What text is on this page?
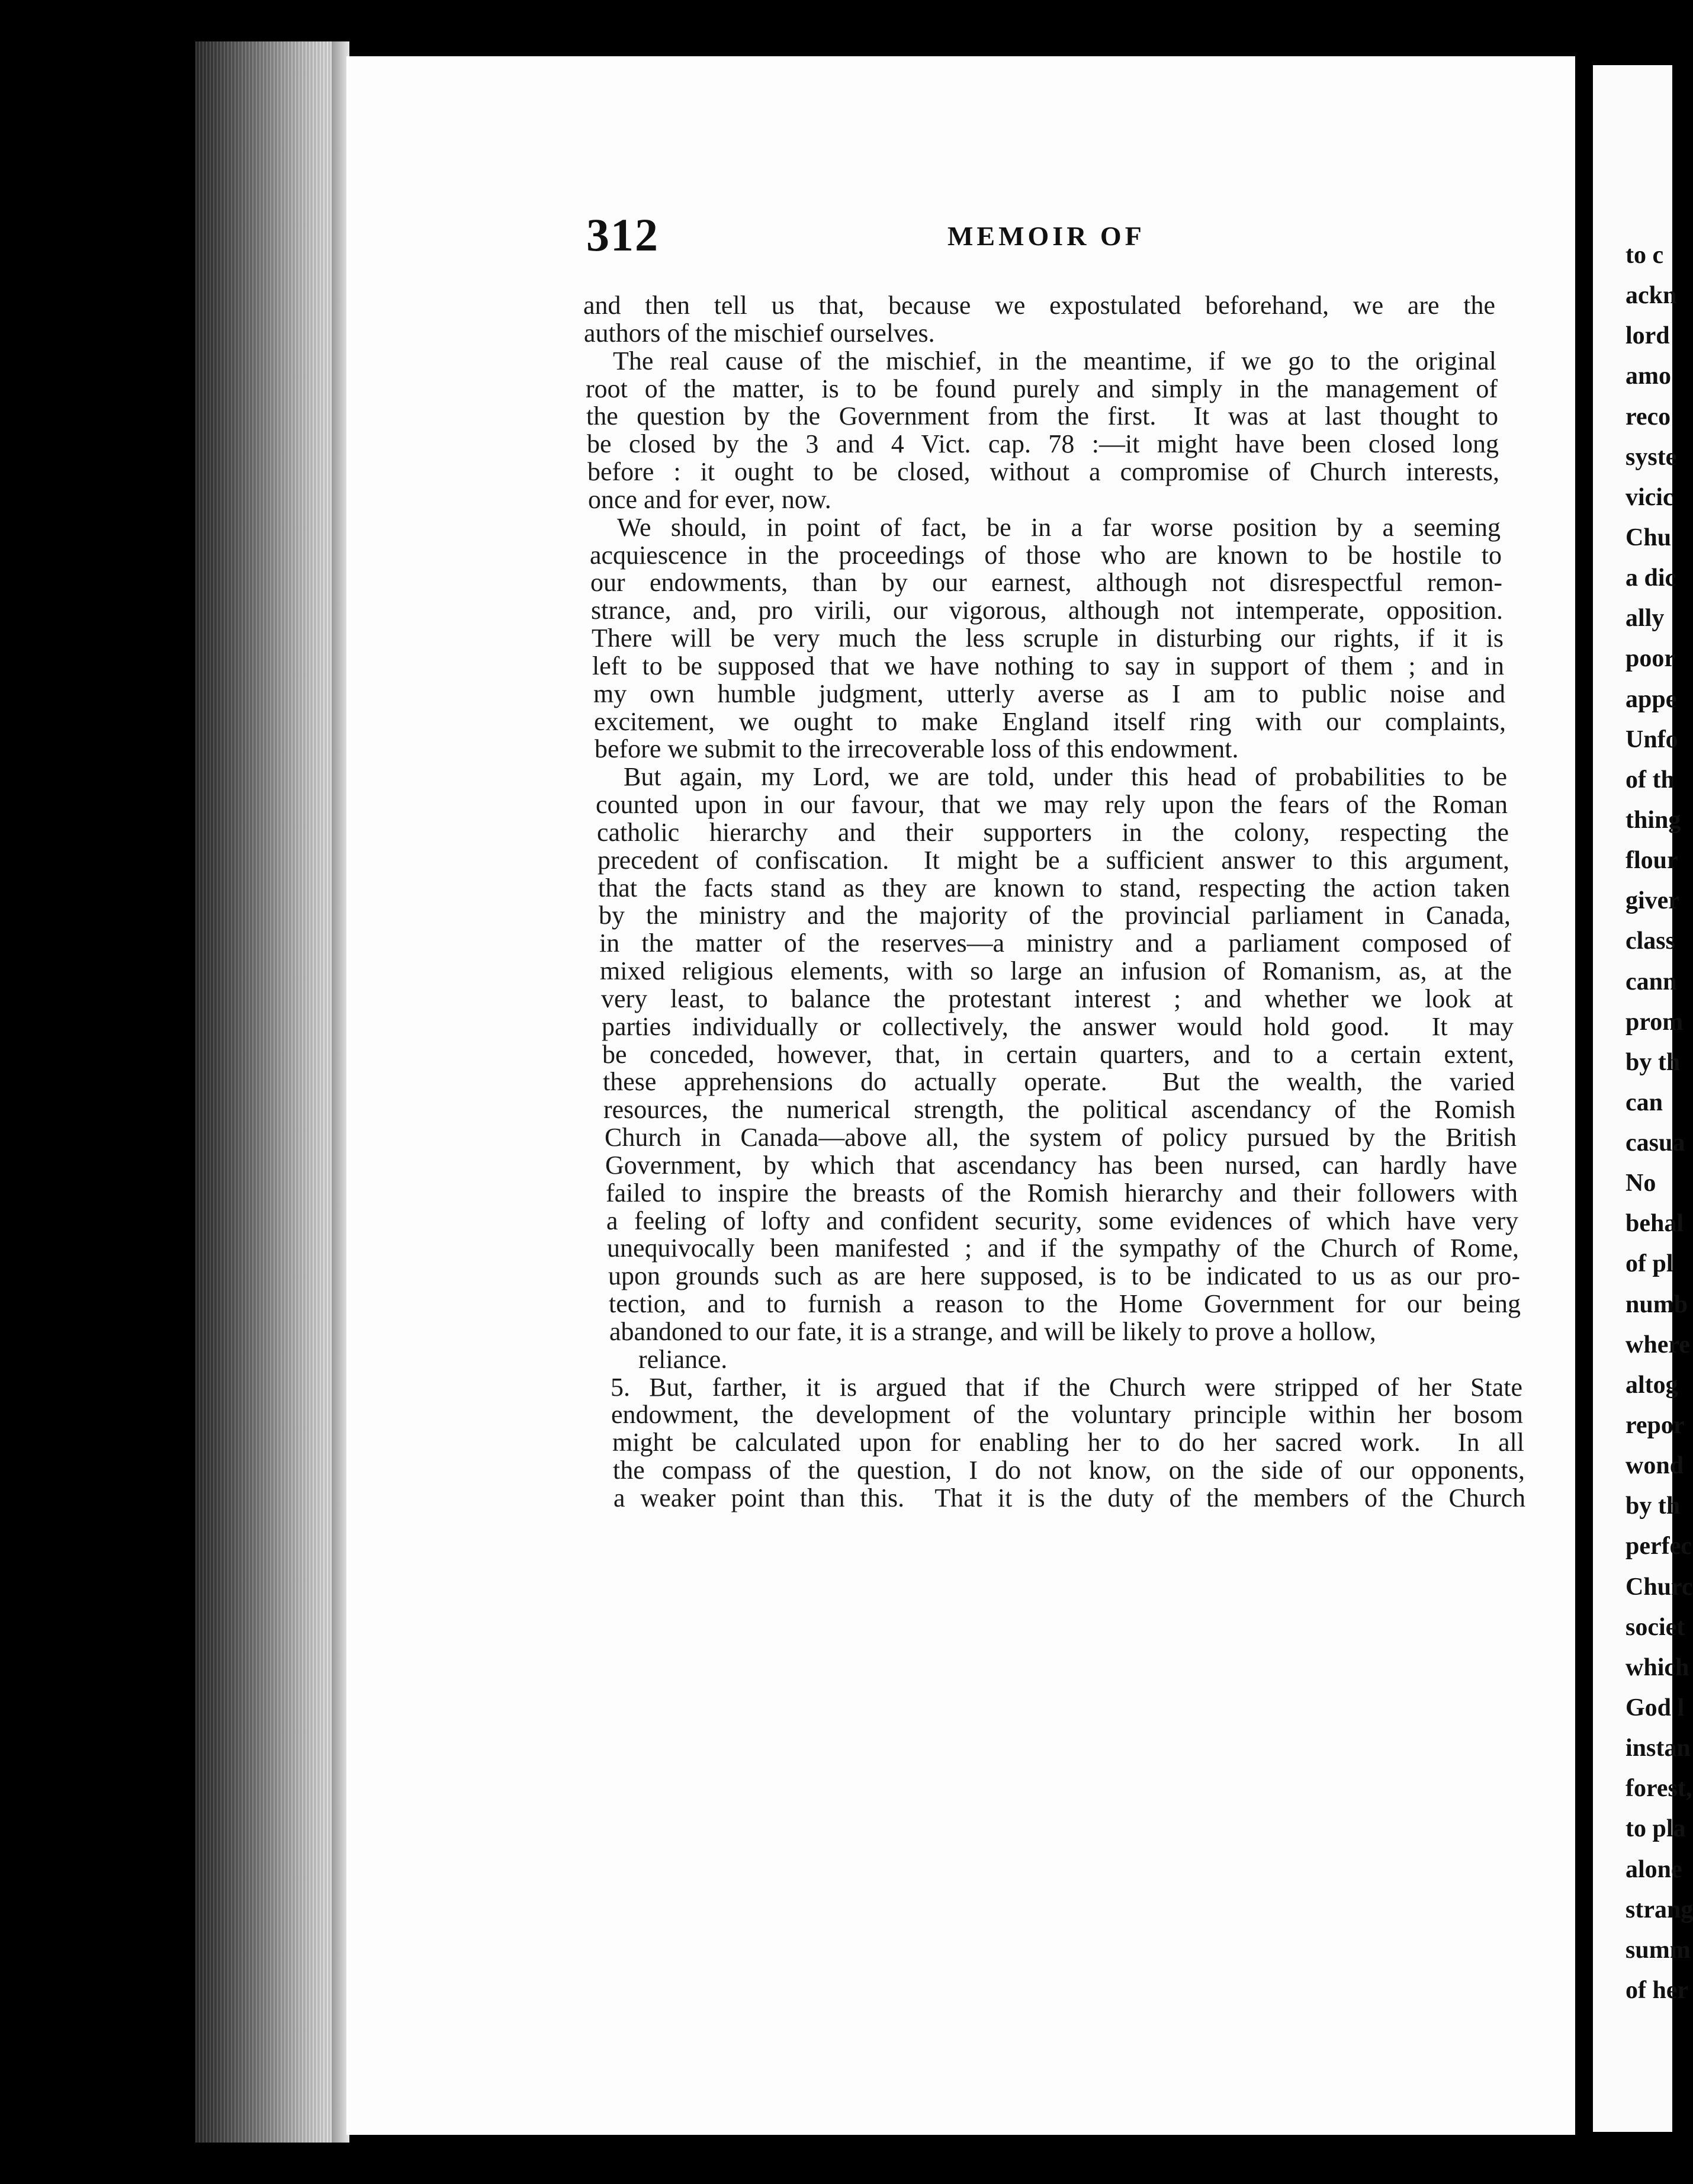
312	MEMOIR OF
and then tell us that, because we expostulated beforehand, we are the
authors of the mischief ourselves.
The real cause of the mischief, in the meantime, if we go to the original
root of the matter, is to be found purely and simply in the management of
the question by the Government from the first.  It was at last thought to
be closed by the 3 and 4 Vict. cap. 78 :—it might have been closed long
before : it ought to be closed, without a compromise of Church interests,
once and for ever, now.
We should, in point of fact, be in a far worse position by a seeming
acquiescence in the proceedings of those who are known to be hostile to
our endowments, than by our earnest, although not disrespectful remon-
strance, and, pro virili, our vigorous, although not intemperate, opposition.
There will be very much the less scruple in disturbing our rights, if it is
left to be supposed that we have nothing to say in support of them ; and in
my own humble judgment, utterly averse as I am to public noise and
excitement, we ought to make England itself ring with our complaints,
before we submit to the irrecoverable loss of this endowment.
But again, my Lord, we are told, under this head of probabilities to be
counted upon in our favour, that we may rely upon the fears of the Roman
catholic hierarchy and their supporters in the colony, respecting the
precedent of confiscation.  It might be a sufficient answer to this argument,
that the facts stand as they are known to stand, respecting the action taken
by the ministry and the majority of the provincial parliament in Canada,
in the matter of the reserves—a ministry and a parliament composed of
mixed religious elements, with so large an infusion of Romanism, as, at the
very least, to balance the protestant interest ; and whether we look at
parties individually or collectively, the answer would hold good.  It may
be conceded, however, that, in certain quarters, and to a certain extent,
these apprehensions do actually operate.  But the wealth, the varied
resources, the numerical strength, the political ascendancy of the Romish
Church in Canada—above all, the system of policy pursued by the British
Government, by which that ascendancy has been nursed, can hardly have
failed to inspire the breasts of the Romish hierarchy and their followers with
a feeling of lofty and confident security, some evidences of which have very
unequivocally been manifested ; and if the sympathy of the Church of Rome,
upon grounds such as are here supposed, is to be indicated to us as our pro-
tection, and to furnish a reason to the Home Government for our being
abandoned to our fate, it is a strange, and will be likely to prove a hollow,
reliance.
5. But, farther, it is argued that if the Church were stripped of her State
endowment, the development of the voluntary principle within her bosom
might be calculated upon for enabling her to do her sacred work.  In all
the compass of the question, I do not know, on the side of our opponents,
a weaker point than this.  That it is the duty of the members of the Church
to c
ackn
lord
amo
reco
syste
vicic
Chu
a dic
ally
poor
appe
Unfo
of th
thing
flour
giver
class
cann
prom
by th
can
casua
No
behal
of pl
numb
where
altog
repor
wond
by th
perfec
Churc
societ
which
God l
instan
forest,
to pla
alone
strang
summ
of her
